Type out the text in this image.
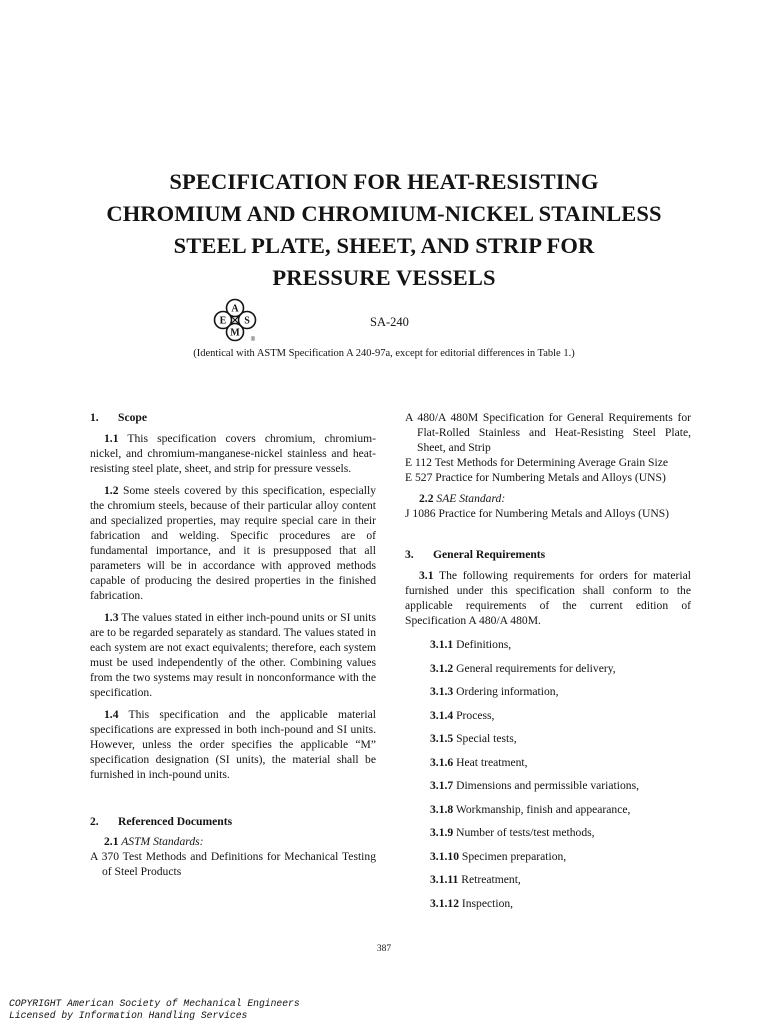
SPECIFICATION FOR HEAT-RESISTING
CHROMIUM AND CHROMIUM-NICKEL STAINLESS
STEEL PLATE, SHEET, AND STRIP FOR
PRESSURE VESSELS
A
S
M
E
®
SA-240
(Identical with ASTM Specification A 240-97a, except for editorial differences in Table 1.)

1. Scope

1.1 This specification covers chromium, chromium-nickel, and chromium-manganese-nickel stainless and heat-resisting steel plate, sheet, and strip for pressure vessels.

1.2 Some steels covered by this specification, especially the chromium steels, because of their particular alloy content and specialized properties, may require special care in their fabrication and welding. Specific procedures are of fundamental importance, and it is presupposed that all parameters will be in accordance with approved methods capable of producing the desired properties in the finished fabrication.

1.3 The values stated in either inch-pound units or SI units are to be regarded separately as standard. The values stated in each system are not exact equivalents; therefore, each system must be used independently of the other. Combining values from the two systems may result in nonconformance with the specification.

1.4 This specification and the applicable material specifications are expressed in both inch-pound and SI units. However, unless the order specifies the applicable “M” specification designation (SI units), the material shall be furnished in inch-pound units.

2. Referenced Documents

2.1 ASTM Standards:

A 370 Test Methods and Definitions for Mechanical Testing of Steel Products

A 480/A 480M Specification for General Requirements for Flat-Rolled Stainless and Heat-Resisting Steel Plate, Sheet, and Strip

E 112 Test Methods for Determining Average Grain Size

E 527 Practice for Numbering Metals and Alloys (UNS)

2.2 SAE Standard:

J 1086 Practice for Numbering Metals and Alloys (UNS)

3. General Requirements

3.1 The following requirements for orders for material furnished under this specification shall conform to the applicable requirements of the current edition of Specification A 480/A 480M.

3.1.1 Definitions,

3.1.2 General requirements for delivery,

3.1.3 Ordering information,

3.1.4 Process,

3.1.5 Special tests,

3.1.6 Heat treatment,

3.1.7 Dimensions and permissible variations,

3.1.8 Workmanship, finish and appearance,

3.1.9 Number of tests/test methods,

3.1.10 Specimen preparation,

3.1.11 Retreatment,

3.1.12 Inspection,

387
COPYRIGHT American Society of Mechanical Engineers
Licensed by Information Handling Services
